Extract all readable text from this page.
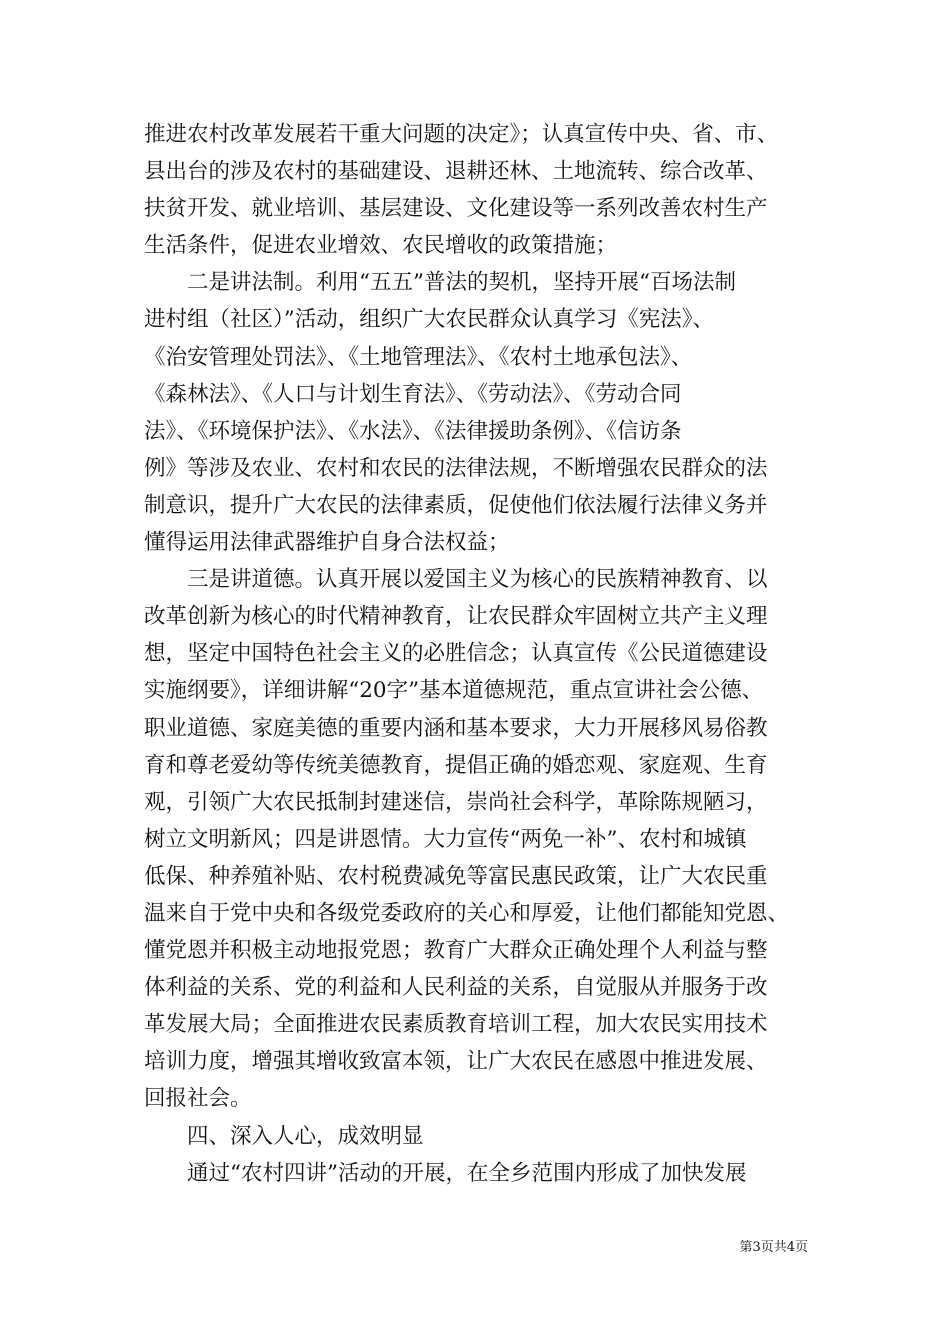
推进农村改革发展若干重大问题的决定》；认真宣传中央、省、市、
县出台的涉及农村的基础建设、退耕还林、土地流转、综合改革、
扶贫开发、就业培训、基层建设、文化建设等一系列改善农村生产
生活条件，促进农业增效、农民增收的政策措施；
　　二是讲法制。利用“五五”普法的契机，坚持开展“百场法制
进村组（社区）”活动，组织广大农民群众认真学习《宪法》、
《治安管理处罚法》、《土地管理法》、《农村土地承包法》、
《森林法》、《人口与计划生育法》、《劳动法》、《劳动合同
法》、《环境保护法》、《水法》、《法律援助条例》、《信访条
例》等涉及农业、农村和农民的法律法规，不断增强农民群众的法
制意识，提升广大农民的法律素质，促使他们依法履行法律义务并
懂得运用法律武器维护自身合法权益；
　　三是讲道德。认真开展以爱国主义为核心的民族精神教育、以
改革创新为核心的时代精神教育，让农民群众牢固树立共产主义理
想，坚定中国特色社会主义的必胜信念；认真宣传《公民道德建设
实施纲要》，详细讲解“20字”基本道德规范，重点宣讲社会公德、
职业道德、家庭美德的重要内涵和基本要求，大力开展移风易俗教
育和尊老爱幼等传统美德教育，提倡正确的婚恋观、家庭观、生育
观，引领广大农民抵制封建迷信，崇尚社会科学，革除陈规陋习，
树立文明新风；四是讲恩情。大力宣传“两免一补”、农村和城镇
低保、种养殖补贴、农村税费减免等富民惠民政策，让广大农民重
温来自于党中央和各级党委政府的关心和厚爱，让他们都能知党恩、
懂党恩并积极主动地报党恩；教育广大群众正确处理个人利益与整
体利益的关系、党的利益和人民利益的关系，自觉服从并服务于改
革发展大局；全面推进农民素质教育培训工程，加大农民实用技术
培训力度，增强其增收致富本领，让广大农民在感恩中推进发展、
回报社会。
　　四、深入人心，成效明显
　　通过“农村四讲”活动的开展，在全乡范围内形成了加快发展
第3页共4页
